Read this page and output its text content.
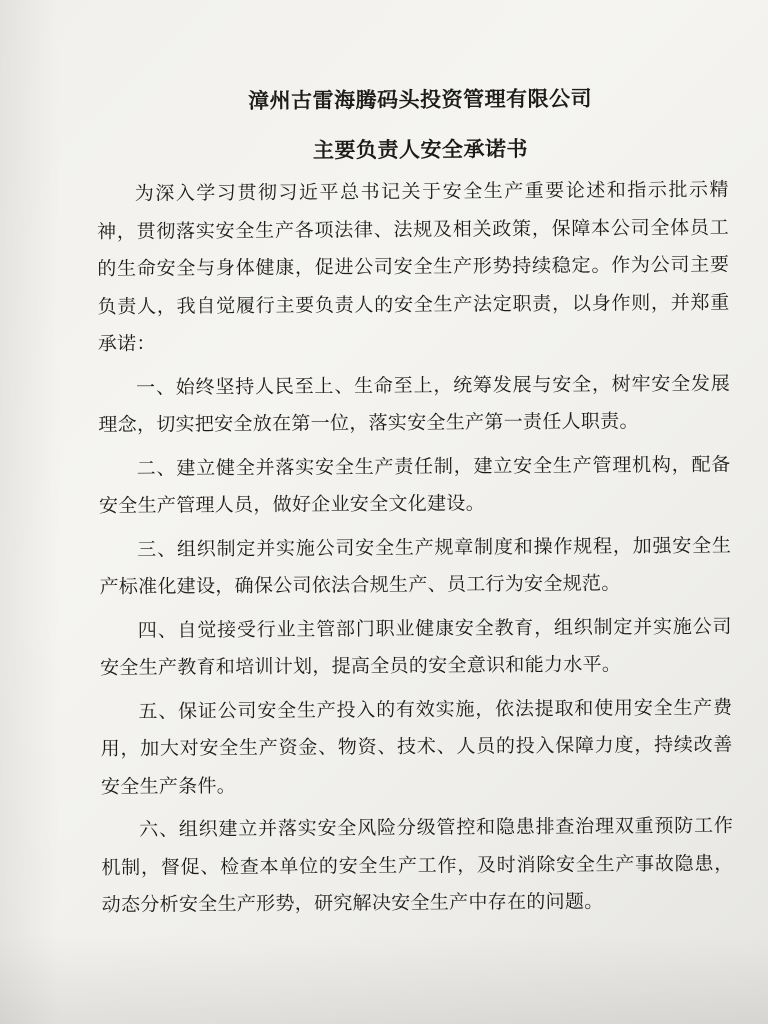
漳州古雷海腾码头投资管理有限公司
主要负责人安全承诺书

为深入学习贯彻习近平总书记关于安全生产重要论述和指示批示精神，贯彻落实安全生产各项法律、法规及相关政策，保障本公司全体员工的生命安全与身体健康，促进公司安全生产形势持续稳定。作为公司主要负责人，我自觉履行主要负责人的安全生产法定职责，以身作则，并郑重承诺：

一、始终坚持人民至上、生命至上，统筹发展与安全，树牢安全发展理念，切实把安全放在第一位，落实安全生产第一责任人职责。

二、建立健全并落实安全生产责任制，建立安全生产管理机构，配备安全生产管理人员，做好企业安全文化建设。

三、组织制定并实施公司安全生产规章制度和操作规程，加强安全生产标准化建设，确保公司依法合规生产、员工行为安全规范。

四、自觉接受行业主管部门职业健康安全教育，组织制定并实施公司安全生产教育和培训计划，提高全员的安全意识和能力水平。

五、保证公司安全生产投入的有效实施，依法提取和使用安全生产费用，加大对安全生产资金、物资、技术、人员的投入保障力度，持续改善安全生产条件。

六、组织建立并落实安全风险分级管控和隐患排查治理双重预防工作机制，督促、检查本单位的安全生产工作，及时消除安全生产事故隐患，动态分析安全生产形势，研究解决安全生产中存在的问题。
